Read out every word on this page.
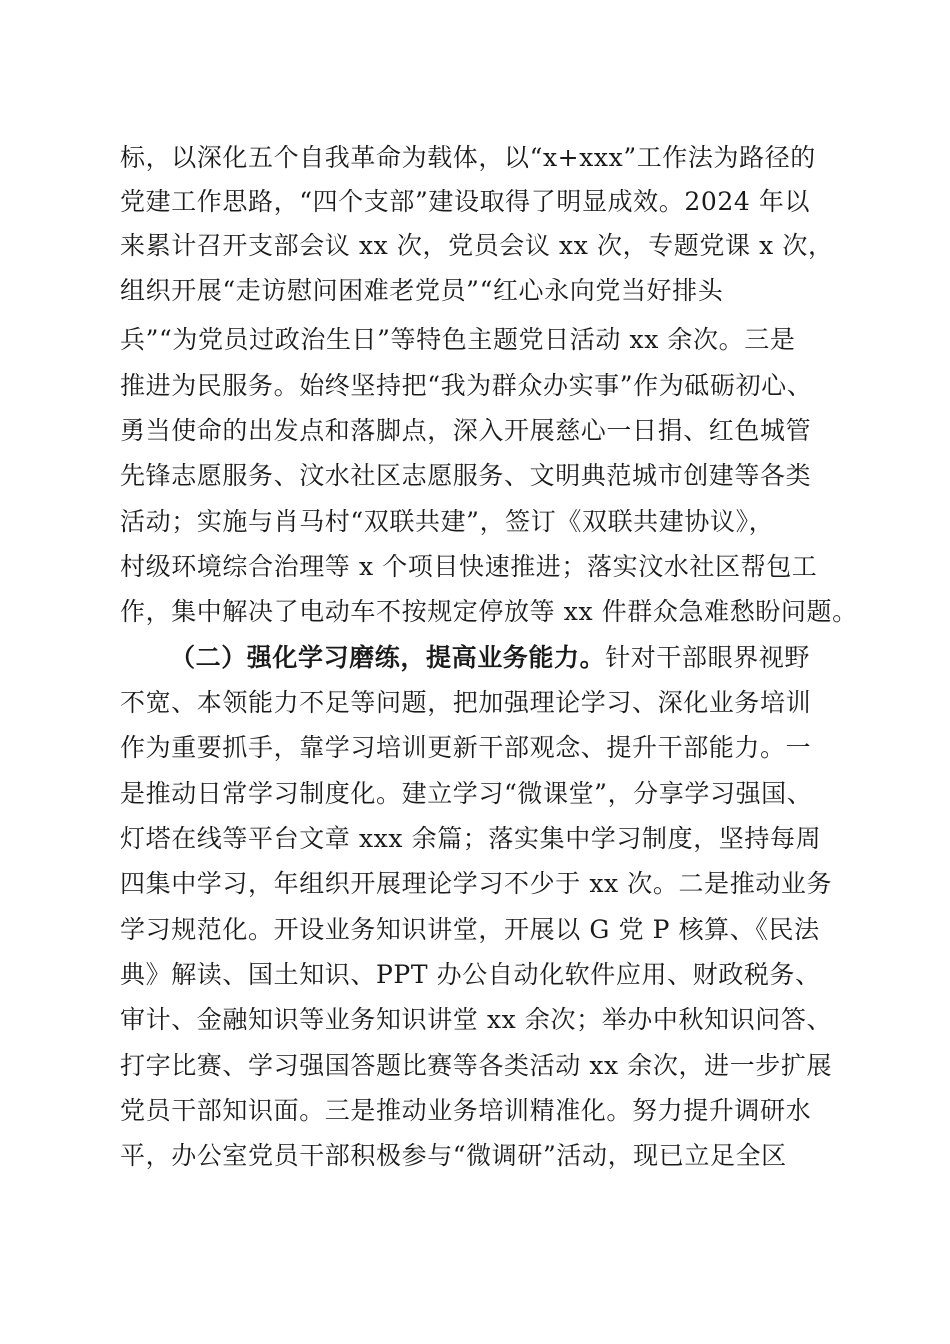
标，以深化五个自我革命为载体，以“x+xxx”工作法为路径的
党建工作思路，“四个支部”建设取得了明显成效。2024 年以
来累计召开支部会议 xx 次，党员会议 xx 次，专题党课 x 次，
组织开展“走访慰问困难老党员”“红心永向党当好排头
兵”“为党员过政治生日”等特色主题党日活动 xx 余次。三是
推进为民服务。始终坚持把“我为群众办实事”作为砥砺初心、
勇当使命的出发点和落脚点，深入开展慈心一日捐、红色城管
先锋志愿服务、汶水社区志愿服务、文明典范城市创建等各类
活动；实施与肖马村“双联共建”，签订《双联共建协议》，
村级环境综合治理等 x 个项目快速推进；落实汶水社区帮包工
作，集中解决了电动车不按规定停放等 xx 件群众急难愁盼问题。
（二）强化学习磨练，提高业务能力。针对干部眼界视野
不宽、本领能力不足等问题，把加强理论学习、深化业务培训
作为重要抓手，靠学习培训更新干部观念、提升干部能力。一
是推动日常学习制度化。建立学习“微课堂”，分享学习强国、
灯塔在线等平台文章 xxx 余篇；落实集中学习制度，坚持每周
四集中学习，年组织开展理论学习不少于 xx 次。二是推动业务
学习规范化。开设业务知识讲堂，开展以 G 党 P 核算、《民法
典》解读、国土知识、PPT 办公自动化软件应用、财政税务、
审计、金融知识等业务知识讲堂 xx 余次；举办中秋知识问答、
打字比赛、学习强国答题比赛等各类活动 xx 余次，进一步扩展
党员干部知识面。三是推动业务培训精准化。努力提升调研水
平，办公室党员干部积极参与“微调研”活动，现已立足全区
